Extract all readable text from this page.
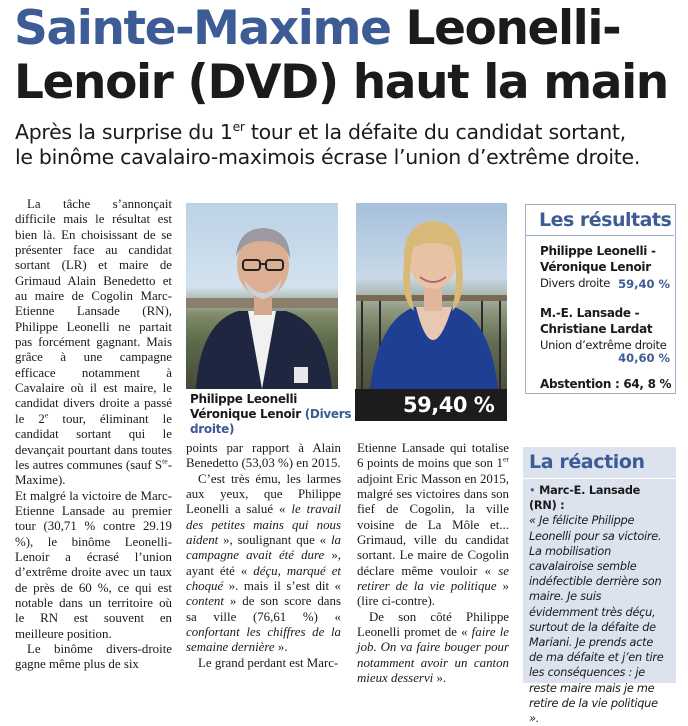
Sainte-Maxime Leonelli-
Lenoir (DVD) haut la main
Après la surprise du 1er tour et la défaite du candidat sortant,
le binôme cavalairo-maximois écrase l’union d’extrême droite.

La tâche s’annonçait difficile mais le résultat est bien là. En choisissant de se présenter face au candidat sortant (LR) et maire de Grimaud Alain Benedetto et au maire de Cogolin Marc-Etienne Lansade (RN), Philippe Leonelli ne partait pas forcément gagnant. Mais grâce à une campagne efficace notamment à Cavalaire où il est maire, le candidat divers droite a passé le 2e tour, éliminant le candidat sortant qui le devançait pourtant dans toutes les autres communes (sauf $S^{te}-Maxime$).

Et malgré la victoire de Marc-Etienne Lansade au premier tour (30,71 % contre 29.19 %), le binôme Leonelli-Lenoir a écrasé l’union d’extrême droite avec un taux de près de 60 %, ce qui est notable dans un territoire où le RN est souvent en meilleure position.

Le binôme divers-droite gagne même plus de six

Philippe Leonelli
Véronique Lenoir (Divers droite)
59,40 %

points par rapport à Alain Benedetto (53,03 %) en 2015.

C’est très ému, les larmes aux yeux, que Philippe Leonelli a salué « le travail des petites mains qui nous aident », soulignant que « la campagne avait été dure », ayant été « déçu, marqué et choqué ». mais il s’est dit « content » de son score dans sa ville (76,61 %) « confortant les chiffres de la semaine dernière ».

Le grand perdant est Marc-

Etienne Lansade qui totalise 6 points de moins que son 1er adjoint Eric Masson en 2015, malgré ses victoires dans son fief de Cogolin, la ville voisine de La Môle et... Grimaud, ville du candidat sortant. Le maire de Cogolin déclare même vouloir « se retirer de la vie politique » (lire ci-contre).

De son côté Philippe Leonelli promet de « faire le job. On va faire bouger pour notamment avoir un canton mieux desservi ».

Les résultats
Philippe Leonelli -
Véronique Lenoir
Divers droite 59,40 %
M.-E. Lansade -
Christiane Lardat
Union d’extrême droite
40,60 %
Abstention : 64, 8 %
La réaction
• Marc-E. Lansade (RN) :
« Je félicite Philippe Leonelli pour sa victoire. La mobilisation cavalairoise semble indéfectible derrière son maire. Je suis évidemment très déçu, surtout de la défaite de Mariani. Je prends acte de ma défaite et j’en tire les conséquences : je reste maire mais je me retire de la vie politique ».
